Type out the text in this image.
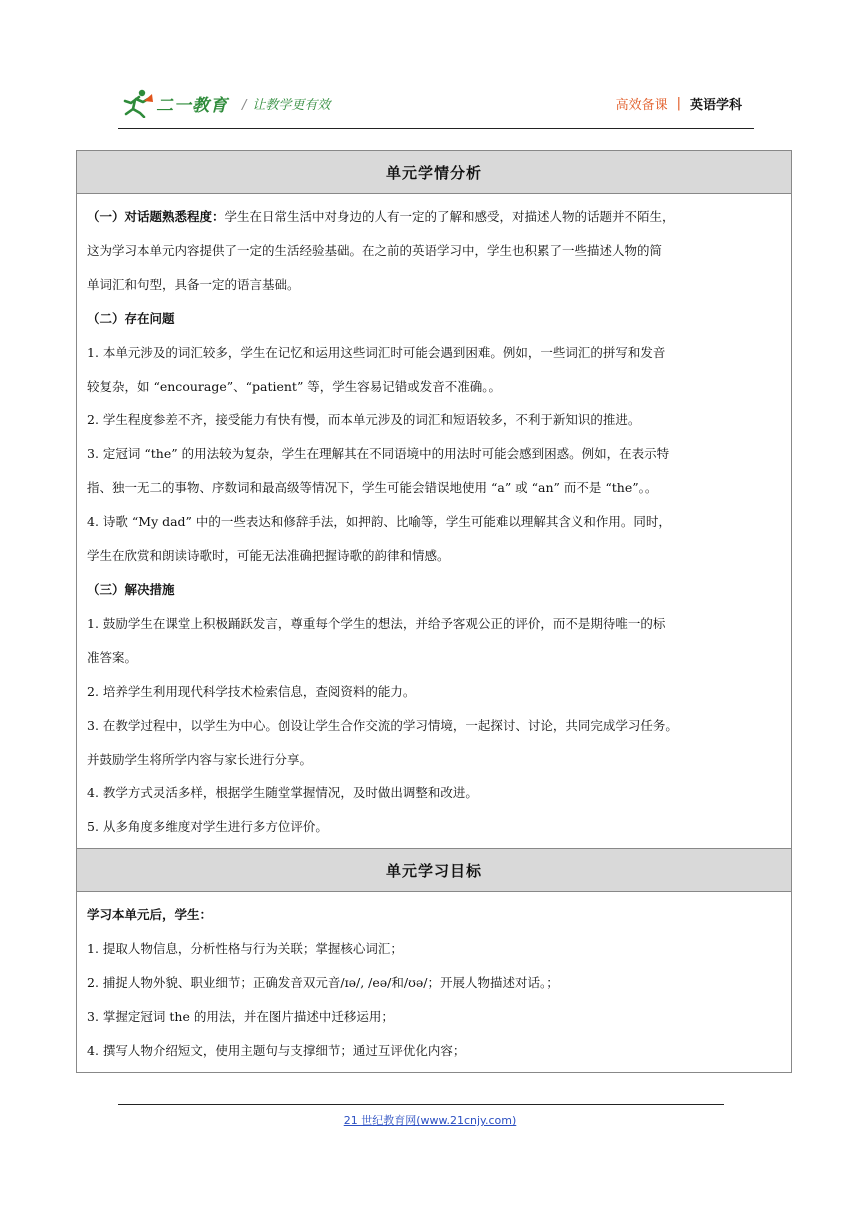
二一教育 / 让教学更有效	高效备课 | 英语学科
单元学情分析

（一）对话题熟悉程度：学生在日常生活中对身边的人有一定的了解和感受，对描述人物的话题并不陌生，
这为学习本单元内容提供了一定的生活经验基础。在之前的英语学习中，学生也积累了一些描述人物的简
单词汇和句型，具备一定的语言基础。
（二）存在问题
1. 本单元涉及的词汇较多，学生在记忆和运用这些词汇时可能会遇到困难。例如，一些词汇的拼写和发音
较复杂，如 “encourage”、“patient” 等，学生容易记错或发音不准确。。
2. 学生程度参差不齐，接受能力有快有慢，而本单元涉及的词汇和短语较多，不利于新知识的推进。
3. 定冠词 “the” 的用法较为复杂，学生在理解其在不同语境中的用法时可能会感到困惑。例如，在表示特
指、独一无二的事物、序数词和最高级等情况下，学生可能会错误地使用 “a” 或 “an” 而不是 “the”。。
4. 诗歌 “My dad” 中的一些表达和修辞手法，如押韵、比喻等，学生可能难以理解其含义和作用。同时，
学生在欣赏和朗读诗歌时，可能无法准确把握诗歌的韵律和情感。
（三）解决措施
1. 鼓励学生在课堂上积极踊跃发言，尊重每个学生的想法，并给予客观公正的评价，而不是期待唯一的标
准答案。
2. 培养学生利用现代科学技术检索信息，查阅资料的能力。
3. 在教学过程中，以学生为中心。创设让学生合作交流的学习情境，一起探讨、讨论，共同完成学习任务。
并鼓励学生将所学内容与家长进行分享。
4. 教学方式灵活多样，根据学生随堂掌握情况，及时做出调整和改进。
5. 从多角度多维度对学生进行多方位评价。

单元学习目标

学习本单元后，学生：
1. 提取人物信息，分析性格与行为关联；掌握核心词汇；
2. 捕捉人物外貌、职业细节；正确发音双元音/ɪə/, /eə/和/ʊə/；开展人物描述对话。；
3. 掌握定冠词 the 的用法，并在图片描述中迁移运用；
4. 撰写人物介绍短文，使用主题句与支撑细节；通过互评优化内容；
21 世纪教育网(www.21cnjy.com)
